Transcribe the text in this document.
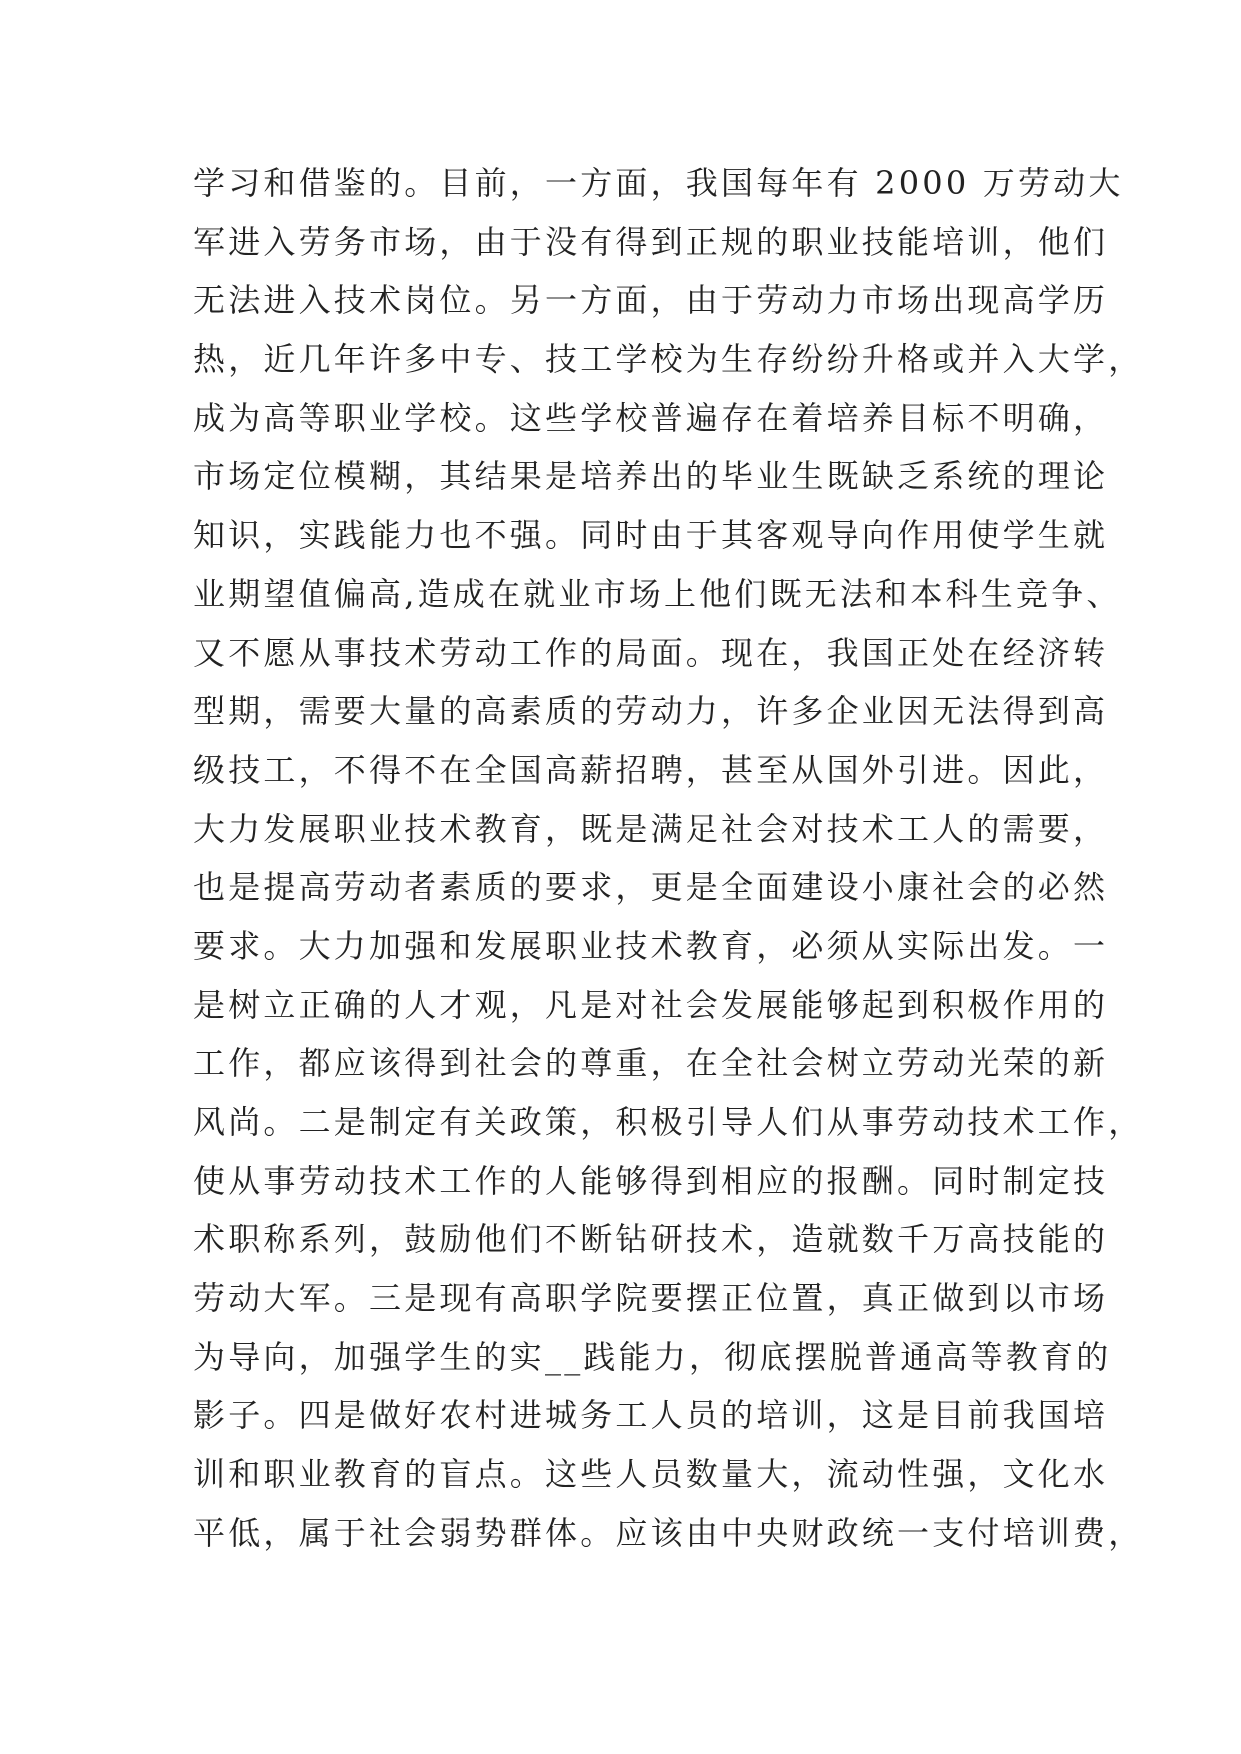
学习和借鉴的。目前，一方面，我国每年有 2000 万劳动大
军进入劳务市场，由于没有得到正规的职业技能培训，他们
无法进入技术岗位。另一方面，由于劳动力市场出现高学历
热，近几年许多中专、技工学校为生存纷纷升格或并入大学，
成为高等职业学校。这些学校普遍存在着培养目标不明确，
市场定位模糊，其结果是培养出的毕业生既缺乏系统的理论
知识，实践能力也不强。同时由于其客观导向作用使学生就
业期望值偏高,造成在就业市场上他们既无法和本科生竞争、
又不愿从事技术劳动工作的局面。现在，我国正处在经济转
型期，需要大量的高素质的劳动力，许多企业因无法得到高
级技工，不得不在全国高薪招聘，甚至从国外引进。因此，
大力发展职业技术教育，既是满足社会对技术工人的需要，
也是提高劳动者素质的要求，更是全面建设小康社会的必然
要求。大力加强和发展职业技术教育，必须从实际出发。一
是树立正确的人才观，凡是对社会发展能够起到积极作用的
工作，都应该得到社会的尊重，在全社会树立劳动光荣的新
风尚。二是制定有关政策，积极引导人们从事劳动技术工作，
使从事劳动技术工作的人能够得到相应的报酬。同时制定技
术职称系列，鼓励他们不断钻研技术，造就数千万高技能的
劳动大军。三是现有高职学院要摆正位置，真正做到以市场
为导向，加强学生的实__践能力，彻底摆脱普通高等教育的
影子。四是做好农村进城务工人员的培训，这是目前我国培
训和职业教育的盲点。这些人员数量大，流动性强，文化水
平低，属于社会弱势群体。应该由中央财政统一支付培训费，
